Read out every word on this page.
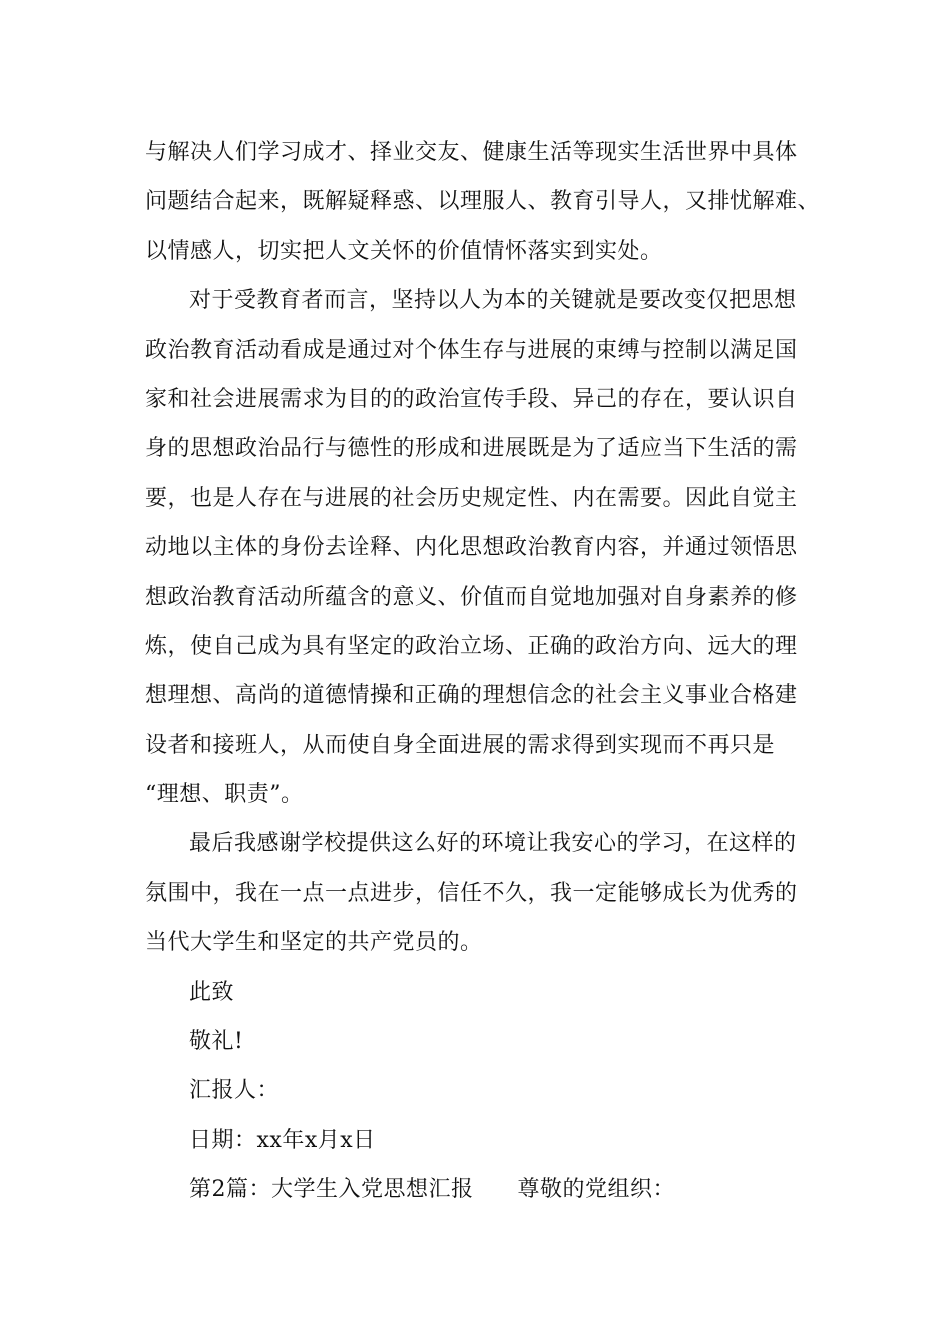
与解决人们学习成才、择业交友、健康生活等现实生活世界中具体
问题结合起来，既解疑释惑、以理服人、教育引导人，又排忧解难、
以情感人，切实把人文关怀的价值情怀落实到实处。
对于受教育者而言，坚持以人为本的关键就是要改变仅把思想
政治教育活动看成是通过对个体生存与进展的束缚与控制以满足国
家和社会进展需求为目的的政治宣传手段、异己的存在，要认识自
身的思想政治品行与德性的形成和进展既是为了适应当下生活的需
要，也是人存在与进展的社会历史规定性、内在需要。因此自觉主
动地以主体的身份去诠释、内化思想政治教育内容，并通过领悟思
想政治教育活动所蕴含的意义、价值而自觉地加强对自身素养的修
炼，使自己成为具有坚定的政治立场、正确的政治方向、远大的理
想理想、高尚的道德情操和正确的理想信念的社会主义事业合格建
设者和接班人，从而使自身全面进展的需求得到实现而不再只是
“理想、职责”。
最后我感谢学校提供这么好的环境让我安心的学习，在这样的
氛围中，我在一点一点进步，信任不久，我一定能够成长为优秀的
当代大学生和坚定的共产党员的。
此致
敬礼!
汇报人：
日期：xx年x月x日
第2篇：大学生入党思想汇报 尊敬的党组织：
